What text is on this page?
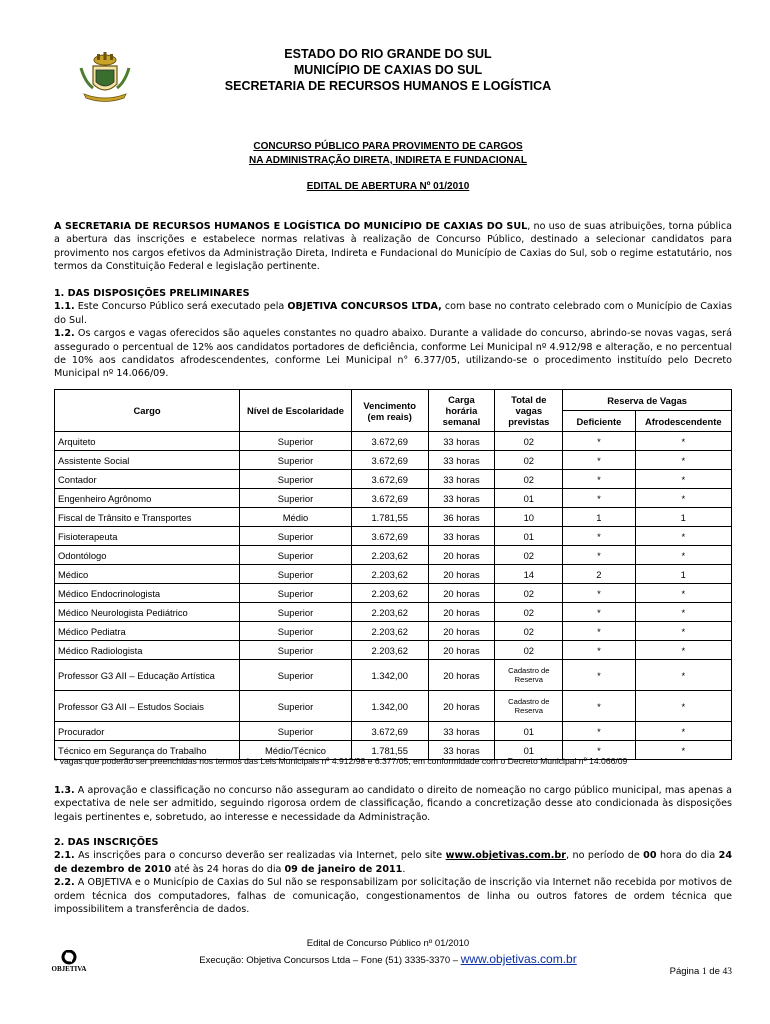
ESTADO DO RIO GRANDE DO SUL
MUNICÍPIO DE CAXIAS DO SUL
SECRETARIA DE RECURSOS HUMANOS E LOGÍSTICA
CONCURSO PÚBLICO PARA PROVIMENTO DE CARGOS
NA ADMINISTRAÇÃO DIRETA, INDIRETA E FUNDACIONAL
EDITAL DE ABERTURA Nº 01/2010
A SECRETARIA DE RECURSOS HUMANOS E LOGÍSTICA DO MUNICÍPIO DE CAXIAS DO SUL, no uso de suas atribuições, torna pública a abertura das inscrições e estabelece normas relativas à realização de Concurso Público, destinado a selecionar candidatos para provimento nos cargos efetivos da Administração Direta, Indireta e Fundacional do Município de Caxias do Sul, sob o regime estatutário, nos termos da Constituição Federal e legislação pertinente.
1. DAS DISPOSIÇÕES PRELIMINARES
1.1. Este Concurso Público será executado pela OBJETIVA CONCURSOS LTDA, com base no contrato celebrado com o Município de Caxias do Sul.
1.2. Os cargos e vagas oferecidos são aqueles constantes no quadro abaixo. Durante a validade do concurso, abrindo-se novas vagas, será assegurado o percentual de 12% aos candidatos portadores de deficiência, conforme Lei Municipal nº 4.912/98 e alteração, e no percentual de 10% aos candidatos afrodescendentes, conforme Lei Municipal n° 6.377/05, utilizando-se o procedimento instituído pelo Decreto Municipal nº 14.066/09.
Cargo	Nível de Escolaridade	Vencimento (em reais)	Carga horária semanal	Total de vagas previstas	Reserva de Vagas	
					Deficiente	Afrodescendente
Arquiteto	Superior	3.672,69	33 horas	02	*	*
Assistente Social	Superior	3.672,69	33 horas	02	*	*
Contador	Superior	3.672,69	33 horas	02	*	*
Engenheiro Agrônomo	Superior	3.672,69	33 horas	01	*	*
Fiscal de Trânsito e Transportes	Médio	1.781,55	36 horas	10	1	1
Fisioterapeuta	Superior	3.672,69	33 horas	01	*	*
Odontólogo	Superior	2.203,62	20 horas	02	*	*
Médico	Superior	2.203,62	20 horas	14	2	1
Médico Endocrinologista	Superior	2.203,62	20 horas	02	*	*
Médico Neurologista Pediátrico	Superior	2.203,62	20 horas	02	*	*
Médico Pediatra	Superior	2.203,62	20 horas	02	*	*
Médico Radiologista	Superior	2.203,62	20 horas	02	*	*
Professor G3 AII – Educação Artística	Superior	1.342,00	20 horas	Cadastro de Reserva	*	*
Professor G3 AII – Estudos Sociais	Superior	1.342,00	20 horas	Cadastro de Reserva	*	*
Procurador	Superior	3.672,69	33 horas	01	*	*
Técnico em Segurança do Trabalho	Médio/Técnico	1.781,55	33 horas	01	*	*
* vagas que poderão ser preenchidas nos termos das Leis Municipais nº 4.912/98 e 6.377/05, em conformidade com o Decreto Municipal nº 14.066/09
1.3. A aprovação e classificação no concurso não asseguram ao candidato o direito de nomeação no cargo público municipal, mas apenas a expectativa de nele ser admitido, seguindo rigorosa ordem de classificação, ficando a concretização desse ato condicionada às disposições legais pertinentes e, sobretudo, ao interesse e necessidade da Administração.
2. DAS INSCRIÇÕES
2.1. As inscrições para o concurso deverão ser realizadas via Internet, pelo site www.objetivas.com.br, no período de 00 hora do dia 24 de dezembro de 2010 até às 24 horas do dia 09 de janeiro de 2011.
2.2. A OBJETIVA e o Município de Caxias do Sul não se responsabilizam por solicitação de inscrição via Internet não recebida por motivos de ordem técnica dos computadores, falhas de comunicação, congestionamentos de linha ou outros fatores de ordem técnica que impossibilitem a transferência de dados.
Edital de Concurso Público nº 01/2010
Execução: Objetiva Concursos Ltda – Fone (51) 3335-3370 – www.objetivas.com.br
OBJETIVA	Página 1 de 43
